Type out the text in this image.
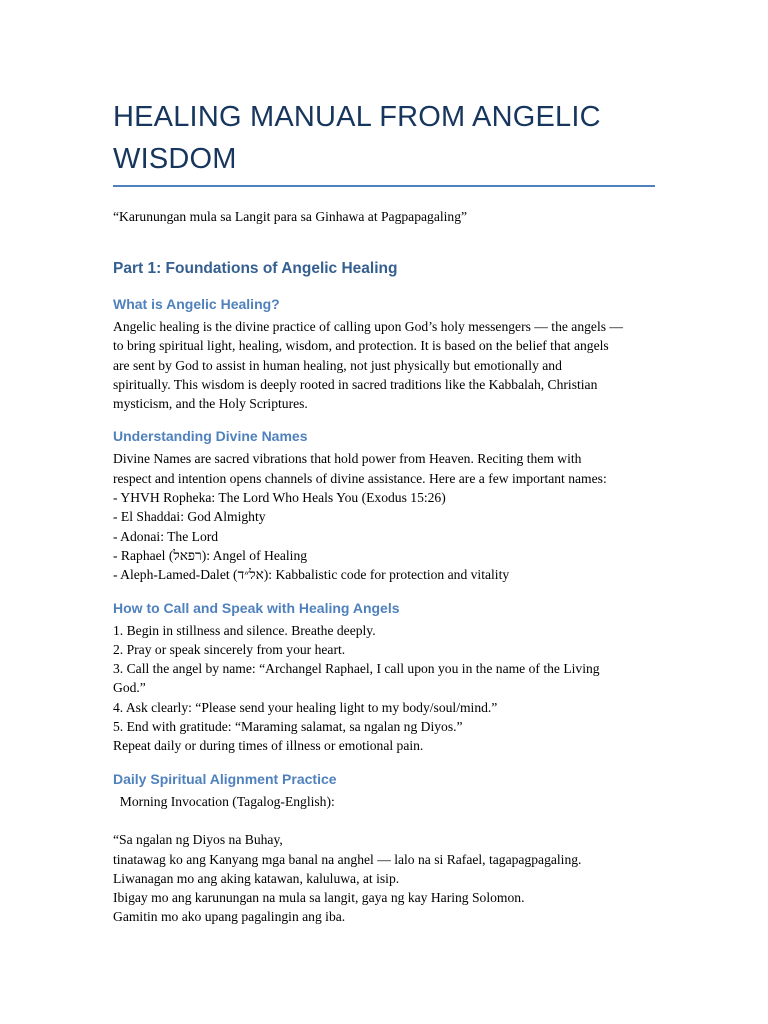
HEALING MANUAL FROM ANGELIC WISDOM
“Karunungan mula sa Langit para sa Ginhawa at Pagpapagaling”
Part 1: Foundations of Angelic Healing
What is Angelic Healing?
Angelic healing is the divine practice of calling upon God’s holy messengers — the angels —
to bring spiritual light, healing, wisdom, and protection. It is based on the belief that angels
are sent by God to assist in human healing, not just physically but emotionally and
spiritually. This wisdom is deeply rooted in sacred traditions like the Kabbalah, Christian
mysticism, and the Holy Scriptures.
Understanding Divine Names
Divine Names are sacred vibrations that hold power from Heaven. Reciting them with
respect and intention opens channels of divine assistance. Here are a few important names:
- YHVH Ropheka: The Lord Who Heals You (Exodus 15:26)
- El Shaddai: God Almighty
- Adonai: The Lord
- Raphael (רפאל): Angel of Healing
- Aleph-Lamed-Dalet (אל״ד): Kabbalistic code for protection and vitality
How to Call and Speak with Healing Angels
1. Begin in stillness and silence. Breathe deeply.
2. Pray or speak sincerely from your heart.
3. Call the angel by name: “Archangel Raphael, I call upon you in the name of the Living
God.”
4. Ask clearly: “Please send your healing light to my body/soul/mind.”
5. End with gratitude: “Maraming salamat, sa ngalan ng Diyos.”
Repeat daily or during times of illness or emotional pain.
Daily Spiritual Alignment Practice
Morning Invocation (Tagalog-English):
“Sa ngalan ng Diyos na Buhay,
tinatawag ko ang Kanyang mga banal na anghel — lalo na si Rafael, tagapagpagaling.
Liwanagan mo ang aking katawan, kaluluwa, at isip.
Ibigay mo ang karunungan na mula sa langit, gaya ng kay Haring Solomon.
Gamitin mo ako upang pagalingin ang iba.
